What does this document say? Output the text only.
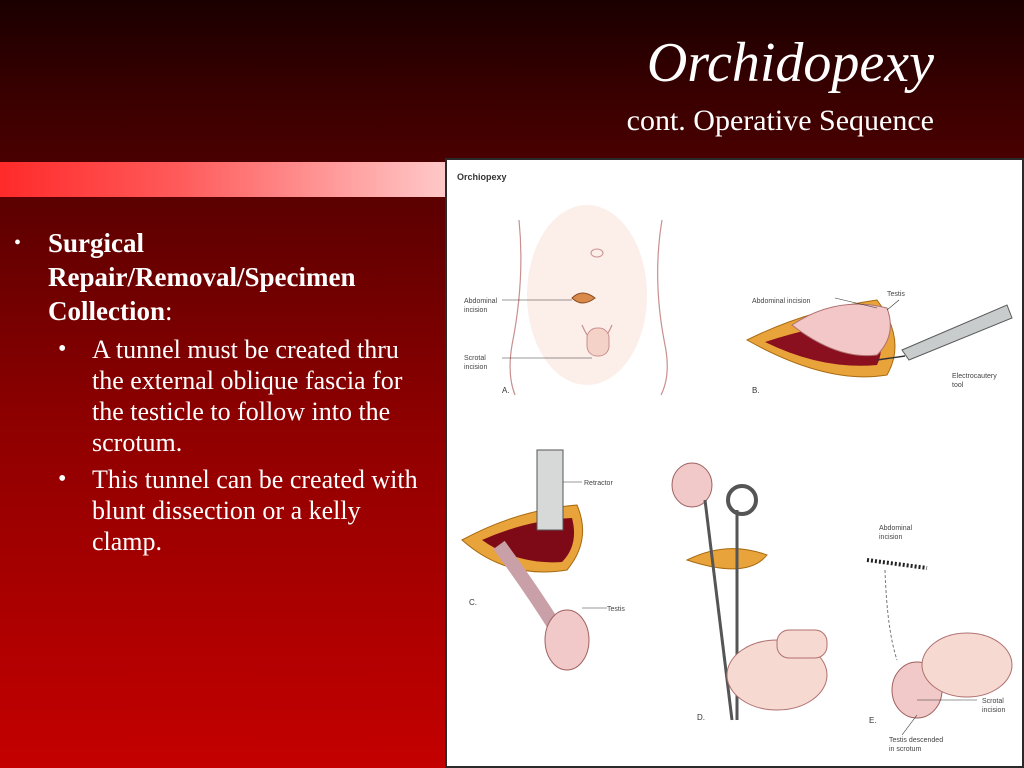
Orchidopexy
cont. Operative Sequence
• Surgical Repair/Removal/Specimen Collection:
• A tunnel must be created thru the external oblique fascia for the testicle to follow into the scrotum.
• This tunnel can be created with blunt dissection or a kelly clamp.
Orchiopexy
Abdominal
incision
Scrotal
incision
A.
Abdominal incision
Testis
Electrocautery
tool
B.
Retractor
Testis
C.
D.
Abdominal
incision
Scrotal
incision
Testis descended
in scrotum
E.
